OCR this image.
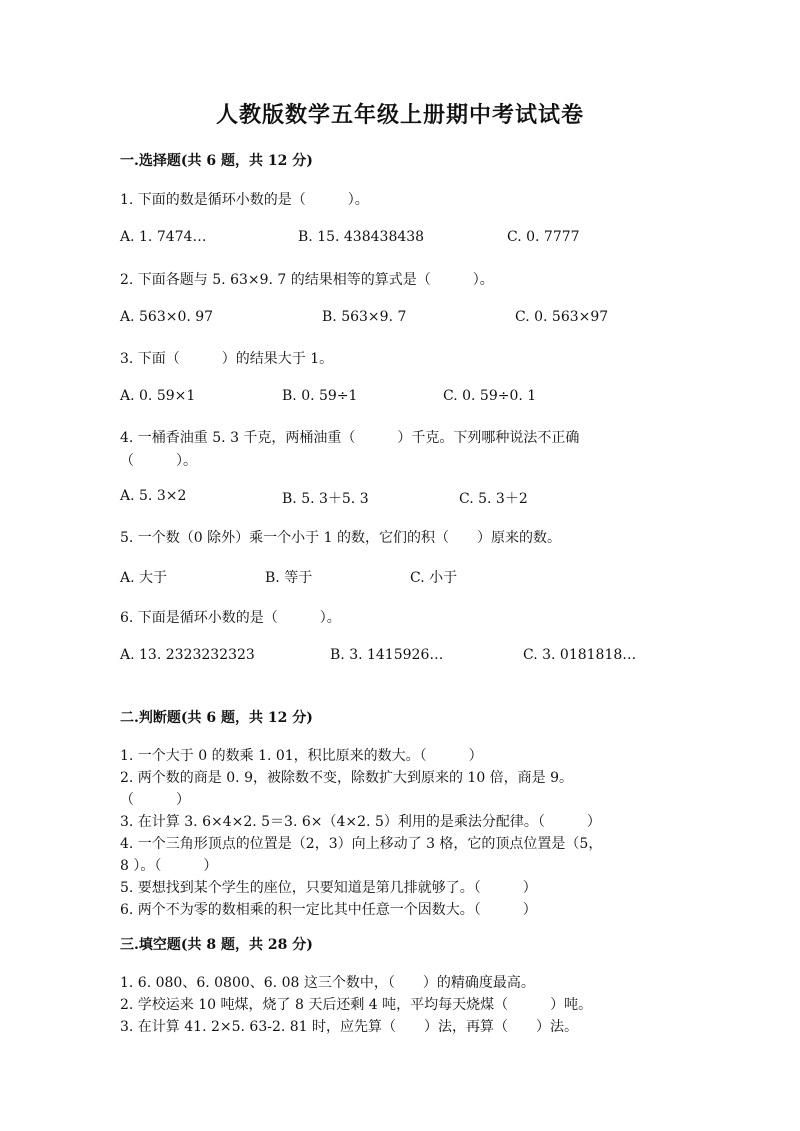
人教版数学五年级上册期中考试试卷
一.选择题(共 6 题，共 12 分)
1. 下面的数是循环小数的是（　　　）。
A. 1. 7474…	B. 15. 438438438	C. 0. 7777
2. 下面各题与 5. 63×9. 7 的结果相等的算式是（　　　）。
A. 563×0. 97	B. 563×9. 7	C. 0. 563×97
3. 下面（　　　）的结果大于 1。
A. 0. 59×1	B. 0. 59÷1	C. 0. 59÷0. 1
4. 一桶香油重 5. 3 千克，两桶油重（　　　）千克。下列哪种说法不正确
（　　　）。
A. 5. 3×2	B. 5. 3＋5. 3	C. 5. 3＋2
5. 一个数（0 除外）乘一个小于 1 的数，它们的积（　　）原来的数。
A. 大于	B. 等于	C. 小于
6. 下面是循环小数的是（　　　）。
A. 13. 2323232323	B. 3. 1415926…	C. 3. 0181818…
二.判断题(共 6 题，共 12 分)
1. 一个大于 0 的数乘 1. 01，积比原来的数大。（　　　）
2. 两个数的商是 0. 9，被除数不变，除数扩大到原来的 10 倍，商是 9。
（　　　）
3. 在计算 3. 6×4×2. 5＝3. 6×（4×2. 5）利用的是乘法分配律。（　　　）
4. 一个三角形顶点的位置是（2，3）向上移动了 3 格，它的顶点位置是（5，
8 ）。（　　　）
5. 要想找到某个学生的座位，只要知道是第几排就够了。（　　　）
6. 两个不为零的数相乘的积一定比其中任意一个因数大。（　　　）
三.填空题(共 8 题，共 28 分)
1. 6. 080、6. 0800、6. 08 这三个数中，（　　）的精确度最高。
2. 学校运来 10 吨煤，烧了 8 天后还剩 4 吨，平均每天烧煤（　　　）吨。
3. 在计算 41. 2×5. 63-2. 81 时，应先算（　　）法，再算（　　）法。
